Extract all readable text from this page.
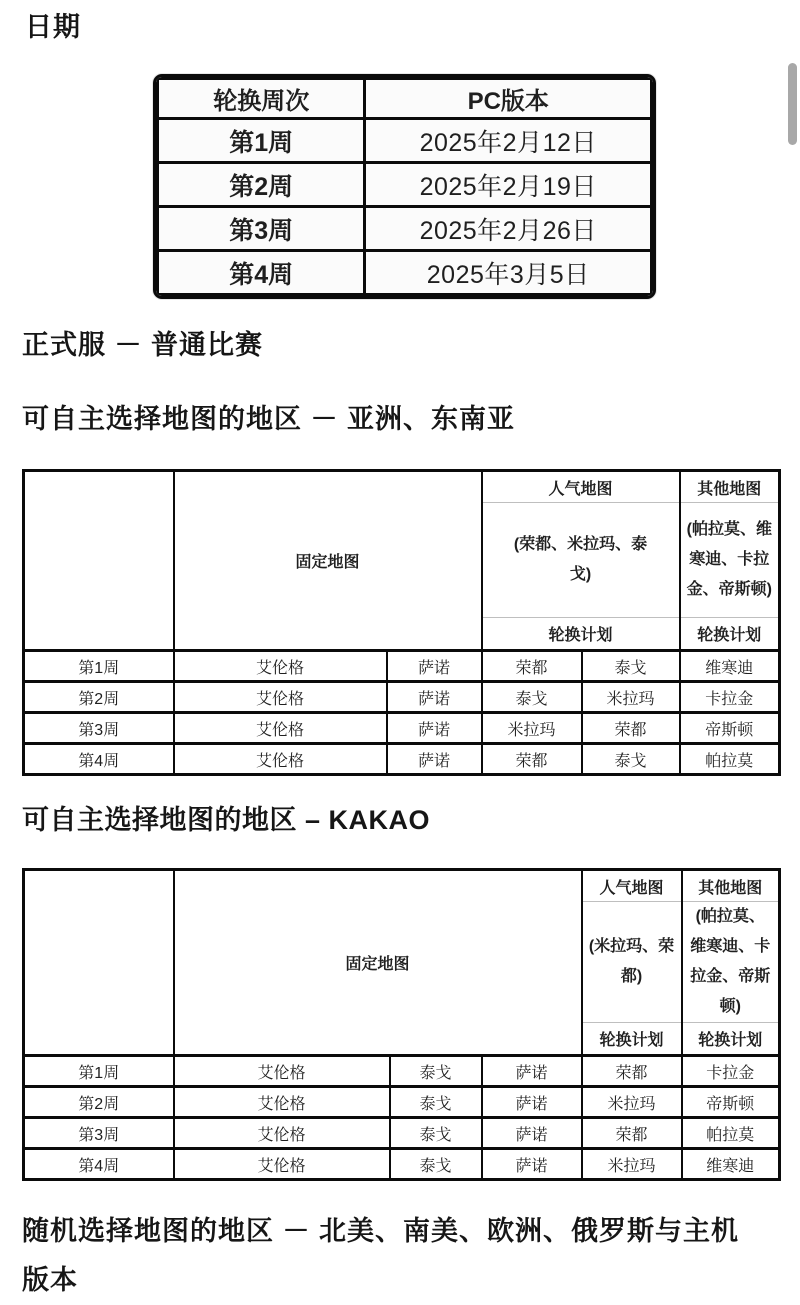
日期
轮换周次	PC版本
第1周	2025年2月12日
第2周	2025年2月19日
第3周	2025年2月26日
第4周	2025年3月5日
正式服 － 普通比赛
可自主选择地图的地区 － 亚洲、东南亚
	固定地图		人气地图		其他地图
			(荣都、米拉玛、泰戈)		(帕拉莫、维寒迪、卡拉金、帝斯顿)
			轮换计划		轮换计划
第1周	艾伦格	萨诺	荣都	泰戈	维寒迪
第2周	艾伦格	萨诺	泰戈	米拉玛	卡拉金
第3周	艾伦格	萨诺	米拉玛	荣都	帝斯顿
第4周	艾伦格	萨诺	荣都	泰戈	帕拉莫
可自主选择地图的地区 – KAKAO
	固定地图			人气地图	其他地图
				(米拉玛、荣都)	(帕拉莫、维寒迪、卡拉金、帝斯顿)
				轮换计划	轮换计划
第1周	艾伦格	泰戈	萨诺	荣都	卡拉金
第2周	艾伦格	泰戈	萨诺	米拉玛	帝斯顿
第3周	艾伦格	泰戈	萨诺	荣都	帕拉莫
第4周	艾伦格	泰戈	萨诺	米拉玛	维寒迪
随机选择地图的地区 － 北美、南美、欧洲、俄罗斯与主机版本
